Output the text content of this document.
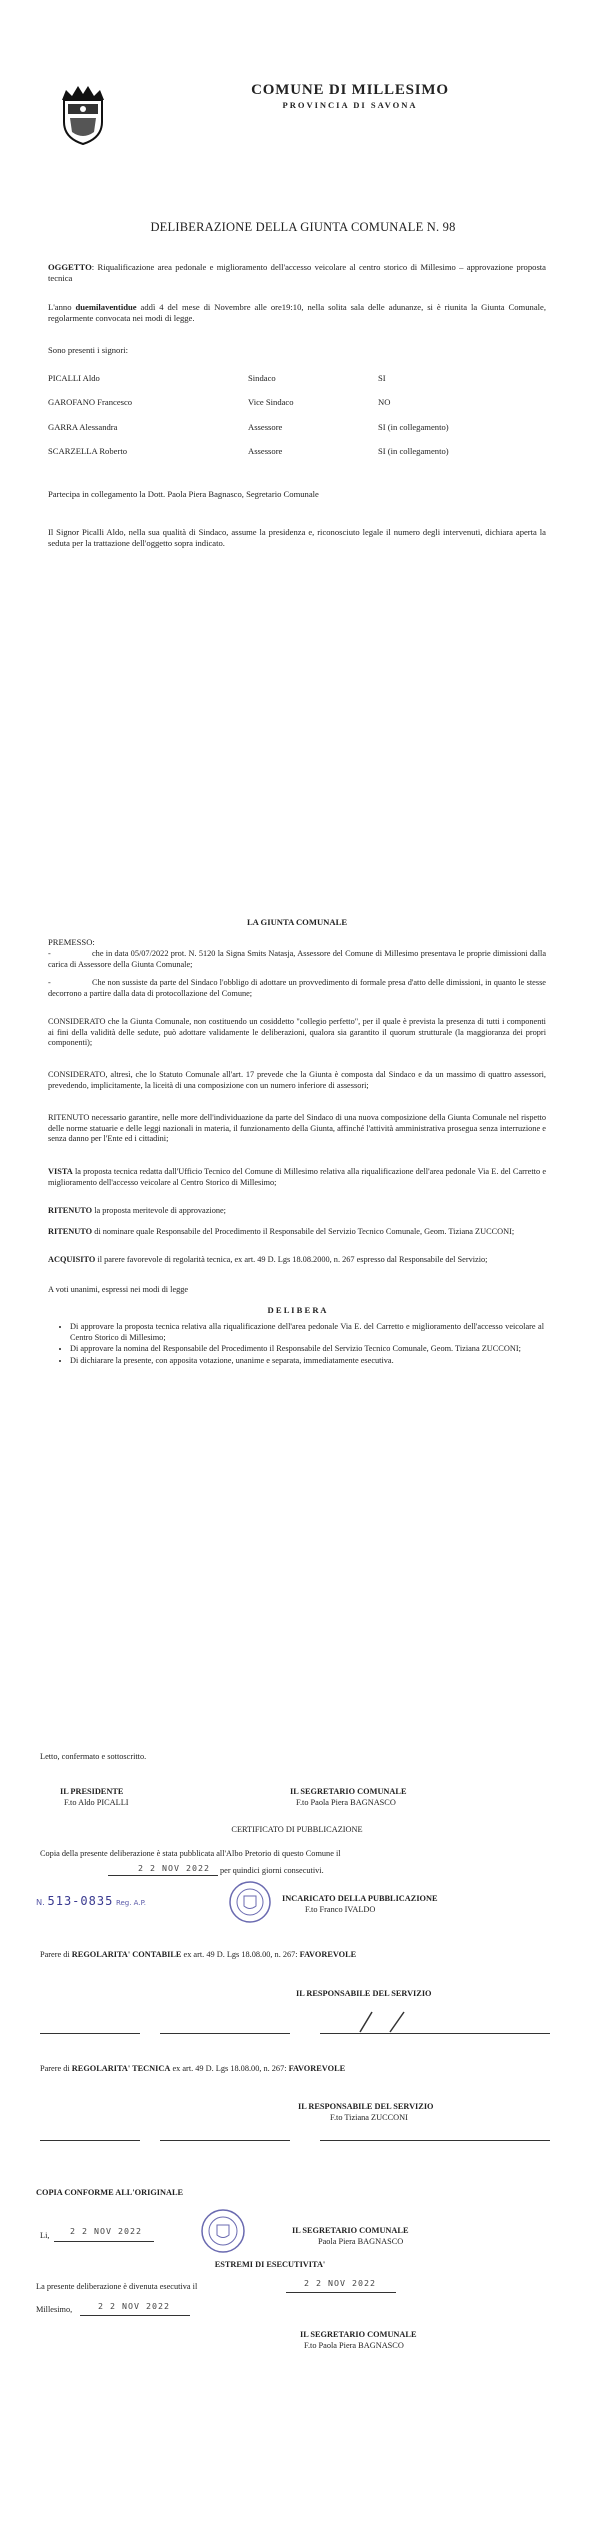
COMUNE DI MILLESIMO
PROVINCIA DI SAVONA
DELIBERAZIONE DELLA GIUNTA COMUNALE N. 98
OGGETTO: Riqualificazione area pedonale e miglioramento dell'accesso veicolare al centro storico di Millesimo – approvazione proposta tecnica
L'anno duemilaventidue addì 4 del mese di Novembre alle ore19:10, nella solita sala delle adunanze, si è riunita la Giunta Comunale, regolarmente convocata nei modi di legge.
Sono presenti i signori:
PICALLI Aldo	Sindaco	SI
GAROFANO Francesco	Vice Sindaco	NO
GARRA Alessandra	Assessore	SI (in collegamento)
SCARZELLA Roberto	Assessore	SI (in collegamento)
Partecipa in collegamento la Dott. Paola Piera Bagnasco, Segretario Comunale
Il Signor Picalli Aldo, nella sua qualità di Sindaco, assume la presidenza e, riconosciuto legale il numero degli intervenuti, dichiara aperta la seduta per la trattazione dell'oggetto sopra indicato.
LA GIUNTA COMUNALE
PREMESSO:
-	che in data 05/07/2022 prot. N. 5120 la Signa Smits Natasja, Assessore del Comune di Millesimo presentava le proprie dimissioni dalla carica di Assessore della Giunta Comunale;
-	Che non sussiste da parte del Sindaco l'obbligo di adottare un provvedimento di formale presa d'atto delle dimissioni, in quanto le stesse decorrono a partire dalla data di protocollazione del Comune;
CONSIDERATO che la Giunta Comunale, non costituendo un cosiddetto "collegio perfetto", per il quale è prevista la presenza di tutti i componenti ai fini della validità delle sedute, può adottare validamente le deliberazioni, qualora sia garantito il quorum strutturale (la maggioranza dei propri componenti);
CONSIDERATO, altresì, che lo Statuto Comunale all'art. 17 prevede che la Giunta è composta dal Sindaco e da un massimo di quattro assessori, prevedendo, implicitamente, la liceità di una composizione con un numero inferiore di assessori;
RITENUTO necessario garantire, nelle more dell'individuazione da parte del Sindaco di una nuova composizione della Giunta Comunale nel rispetto delle norme statuarie e delle leggi nazionali in materia, il funzionamento della Giunta, affinché l'attività amministrativa prosegua senza interruzione e senza danno per l'Ente ed i cittadini;
VISTA la proposta tecnica redatta dall'Ufficio Tecnico del Comune di Millesimo relativa alla riqualificazione dell'area pedonale Via E. del Carretto e miglioramento dell'accesso veicolare al Centro Storico di Millesimo;
RITENUTO la proposta meritevole di approvazione;
RITENUTO di nominare quale Responsabile del Procedimento il Responsabile del Servizio Tecnico Comunale, Geom. Tiziana ZUCCONI;
ACQUISITO il parere favorevole di regolarità tecnica, ex art. 49 D. Lgs 18.08.2000, n. 267 espresso dal Responsabile del Servizio;
A voti unanimi, espressi nei modi di legge
D E L I B E R A
• Di approvare la proposta tecnica relativa alla riqualificazione dell'area pedonale Via E. del Carretto e miglioramento dell'accesso veicolare al Centro Storico di Millesimo;
• Di approvare la nomina del Responsabile del Procedimento il Responsabile del Servizio Tecnico Comunale, Geom. Tiziana ZUCCONI;
• Di dichiarare la presente, con apposita votazione, unanime e separata, immediatamente esecutiva.
Letto, confermato e sottoscritto.
IL PRESIDENTE
F.to Aldo PICALLI
IL SEGRETARIO COMUNALE
F.to Paola Piera BAGNASCO
CERTIFICATO DI PUBBLICAZIONE
Copia della presente deliberazione è stata pubblicata all'Albo Pretorio di questo Comune il
2 2 NOV 2022 per quindici giorni consecutivi.
N. 513-0835 Reg. A.P.	INCARICATO DELLA PUBBLICAZIONE
F.to Franco IVALDO
Parere di REGOLARITA' CONTABILE ex art. 49 D. Lgs 18.08.00, n. 267: FAVOREVOLE
IL RESPONSABILE DEL SERVIZIO
Parere di REGOLARITA' TECNICA ex art. 49 D. Lgs 18.08.00, n. 267: FAVOREVOLE
IL RESPONSABILE DEL SERVIZIO
F.to Tiziana ZUCCONI
COPIA CONFORME ALL'ORIGINALE
Li, 2 2 NOV 2022	IL SEGRETARIO COMUNALE
Paola Piera BAGNASCO
ESTREMI DI ESECUTIVITA'
La presente deliberazione è divenuta esecutiva il	2 2 NOV 2022
Millesimo,	2 2 NOV 2022
IL SEGRETARIO COMUNALE
F.to Paola Piera BAGNASCO
